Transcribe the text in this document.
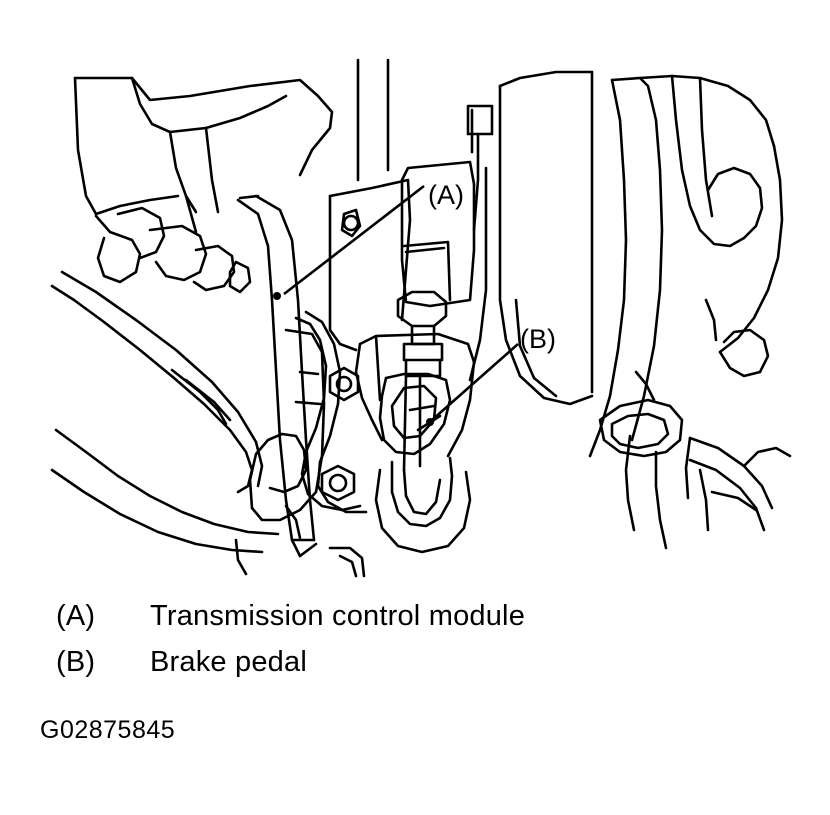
(A)
(B)
(A)	Transmission control module
(B)	Brake pedal
G02875845
